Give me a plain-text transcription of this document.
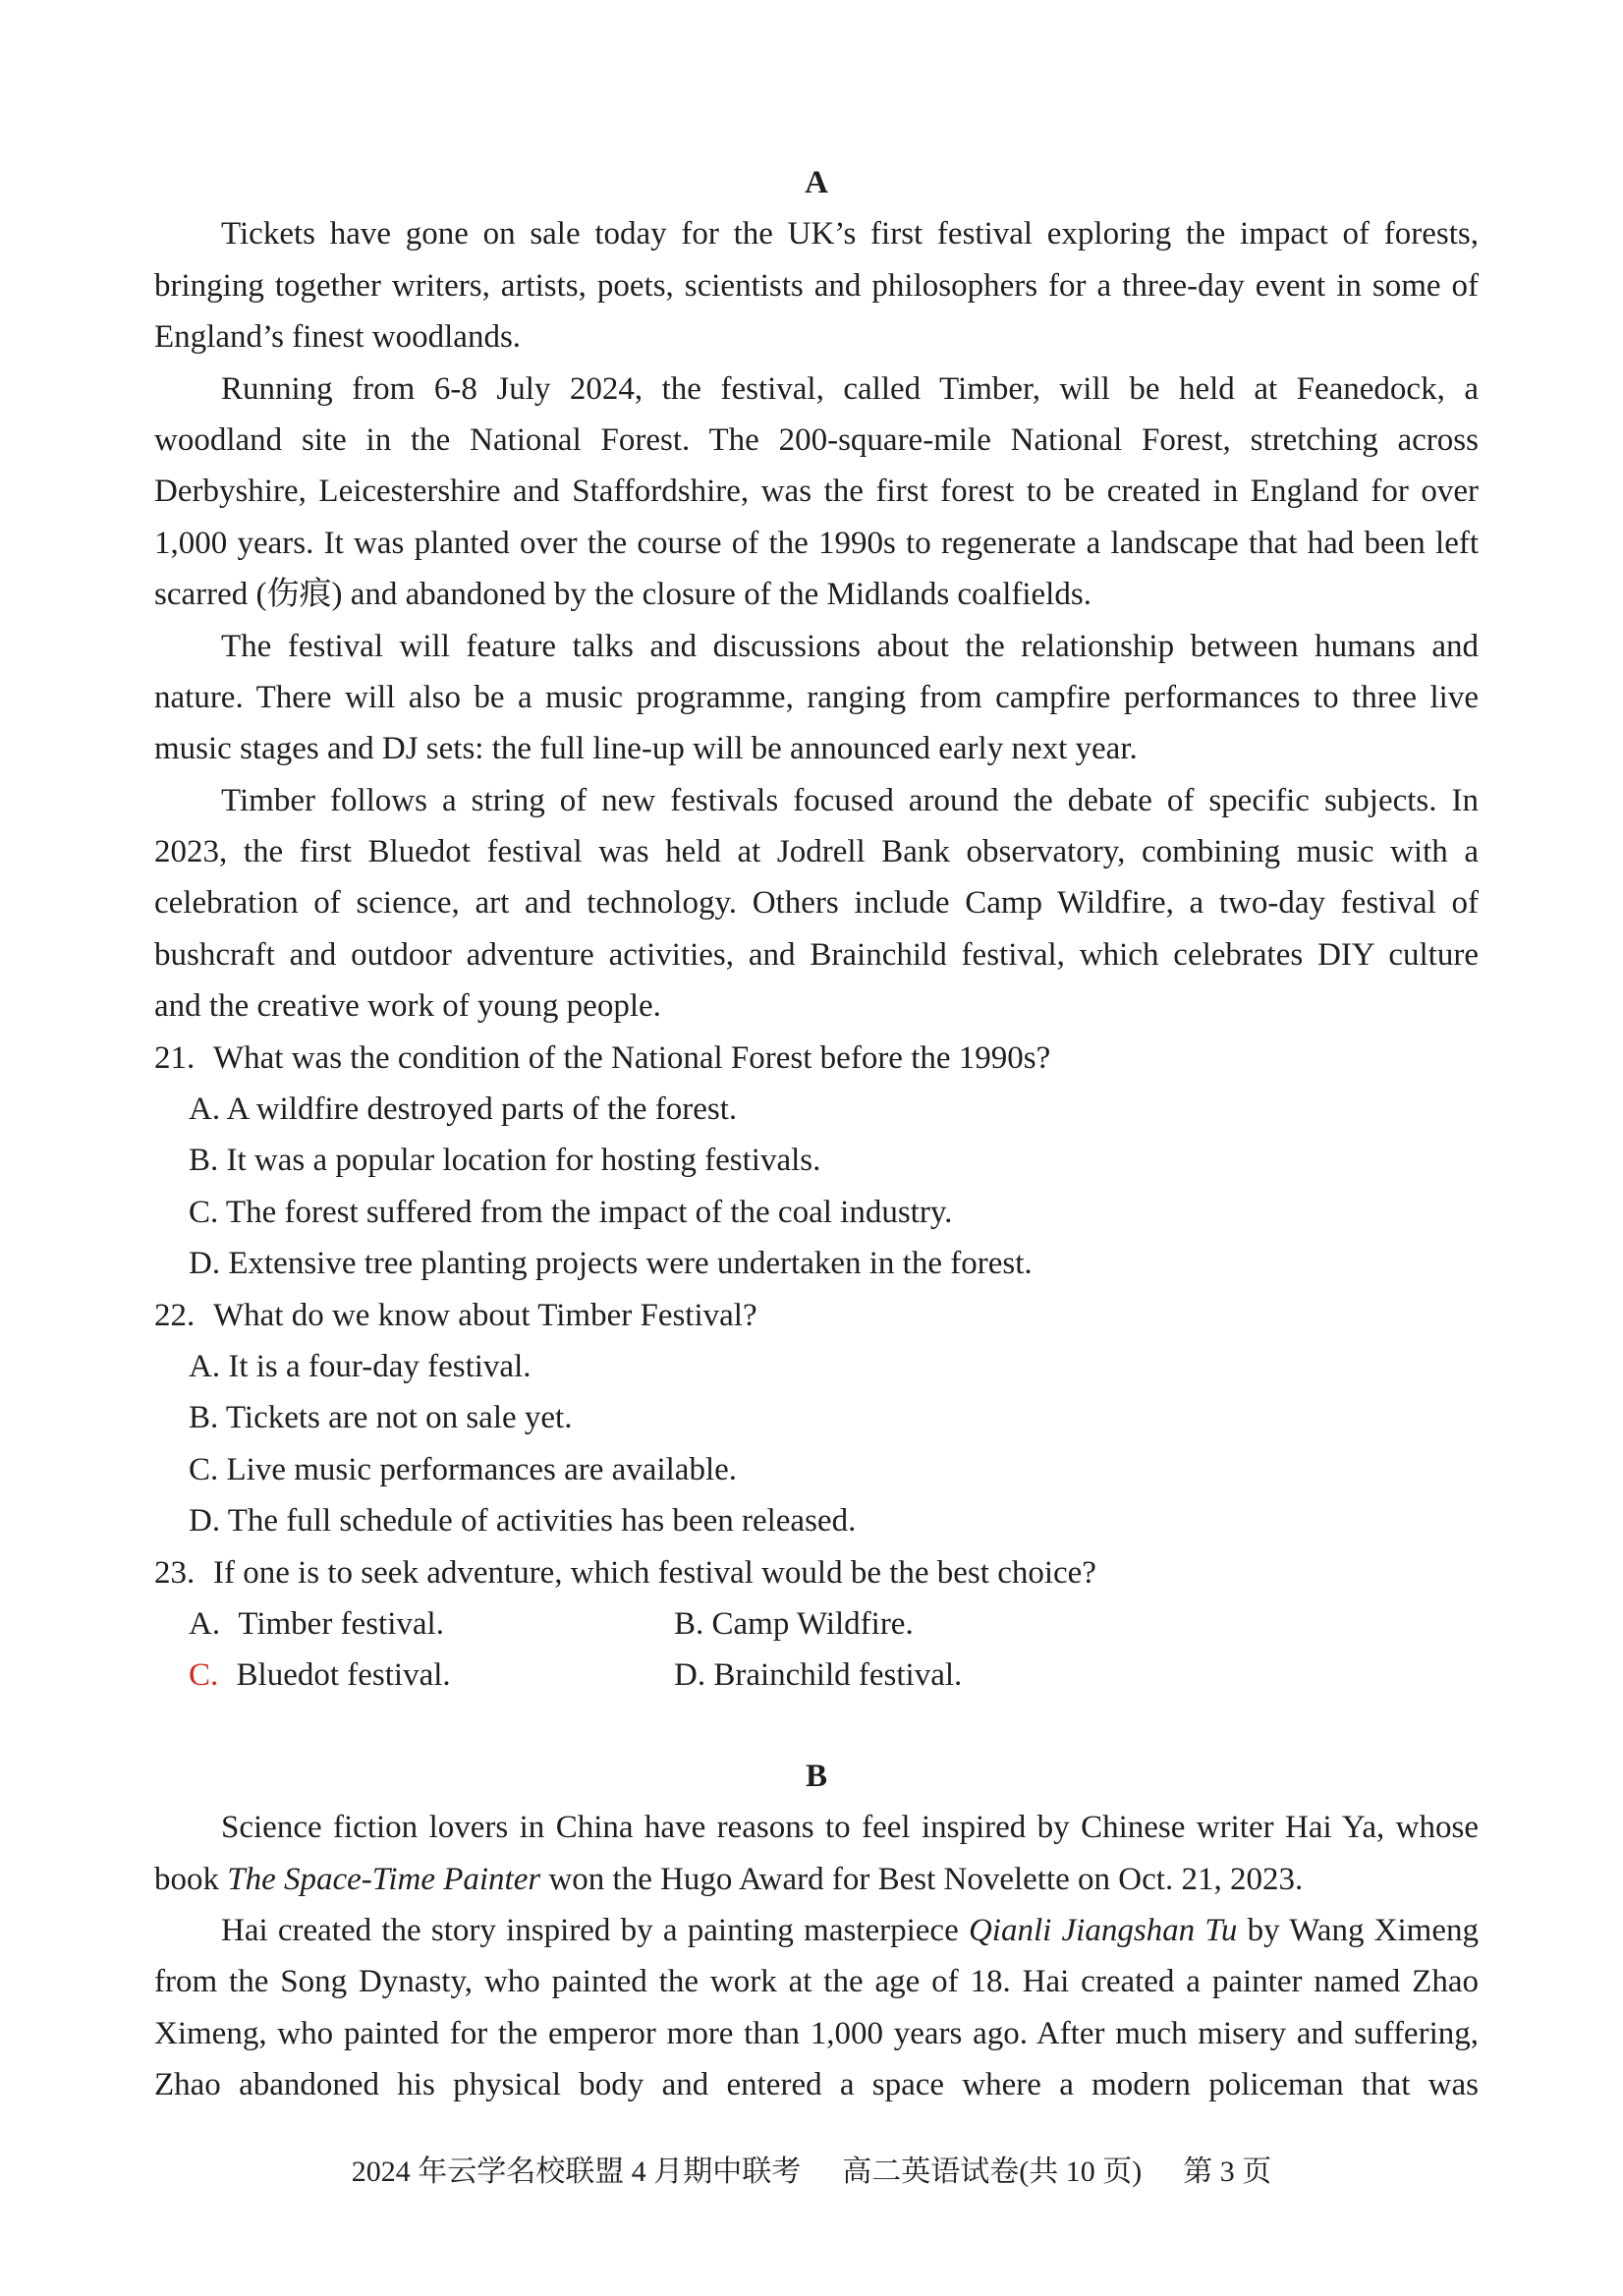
A
Tickets have gone on sale today for the UK’s first festival exploring the impact of forests,
bringing together writers, artists, poets, scientists and philosophers for a three-day event in some of
England’s finest woodlands.
Running from 6-8 July 2024, the festival, called Timber, will be held at Feanedock, a
woodland site in the National Forest. The 200-square-mile National Forest, stretching across
Derbyshire, Leicestershire and Staffordshire, was the first forest to be created in England for over
1,000 years. It was planted over the course of the 1990s to regenerate a landscape that had been left
scarred (伤痕) and abandoned by the closure of the Midlands coalfields.
The festival will feature talks and discussions about the relationship between humans and
nature. There will also be a music programme, ranging from campfire performances to three live
music stages and DJ sets: the full line-up will be announced early next year.
Timber follows a string of new festivals focused around the debate of specific subjects. In
2023, the first Bluedot festival was held at Jodrell Bank observatory, combining music with a
celebration of science, art and technology. Others include Camp Wildfire, a two-day festival of
bushcraft and outdoor adventure activities, and Brainchild festival, which celebrates DIY culture
and the creative work of young people.
21. What was the condition of the National Forest before the 1990s?
A. A wildfire destroyed parts of the forest.
B. It was a popular location for hosting festivals.
C. The forest suffered from the impact of the coal industry.
D. Extensive tree planting projects were undertaken in the forest.
22. What do we know about Timber Festival?
A. It is a four-day festival.
B. Tickets are not on sale yet.
C. Live music performances are available.
D. The full schedule of activities has been released.
23. If one is to seek adventure, which festival would be the best choice?
A. Timber festival.	B. Camp Wildfire.
C. Bluedot festival.	D. Brainchild festival.
B
Science fiction lovers in China have reasons to feel inspired by Chinese writer Hai Ya, whose
book The Space-Time Painter won the Hugo Award for Best Novelette on Oct. 21, 2023.
Hai created the story inspired by a painting masterpiece Qianli Jiangshan Tu by Wang Ximeng
from the Song Dynasty, who painted the work at the age of 18. Hai created a painter named Zhao
Ximeng, who painted for the emperor more than 1,000 years ago. After much misery and suffering,
Zhao abandoned his physical body and entered a space where a modern policeman that was
2024 年云学名校联盟 4 月期中联考 高二英语试卷(共 10 页) 第 3 页
